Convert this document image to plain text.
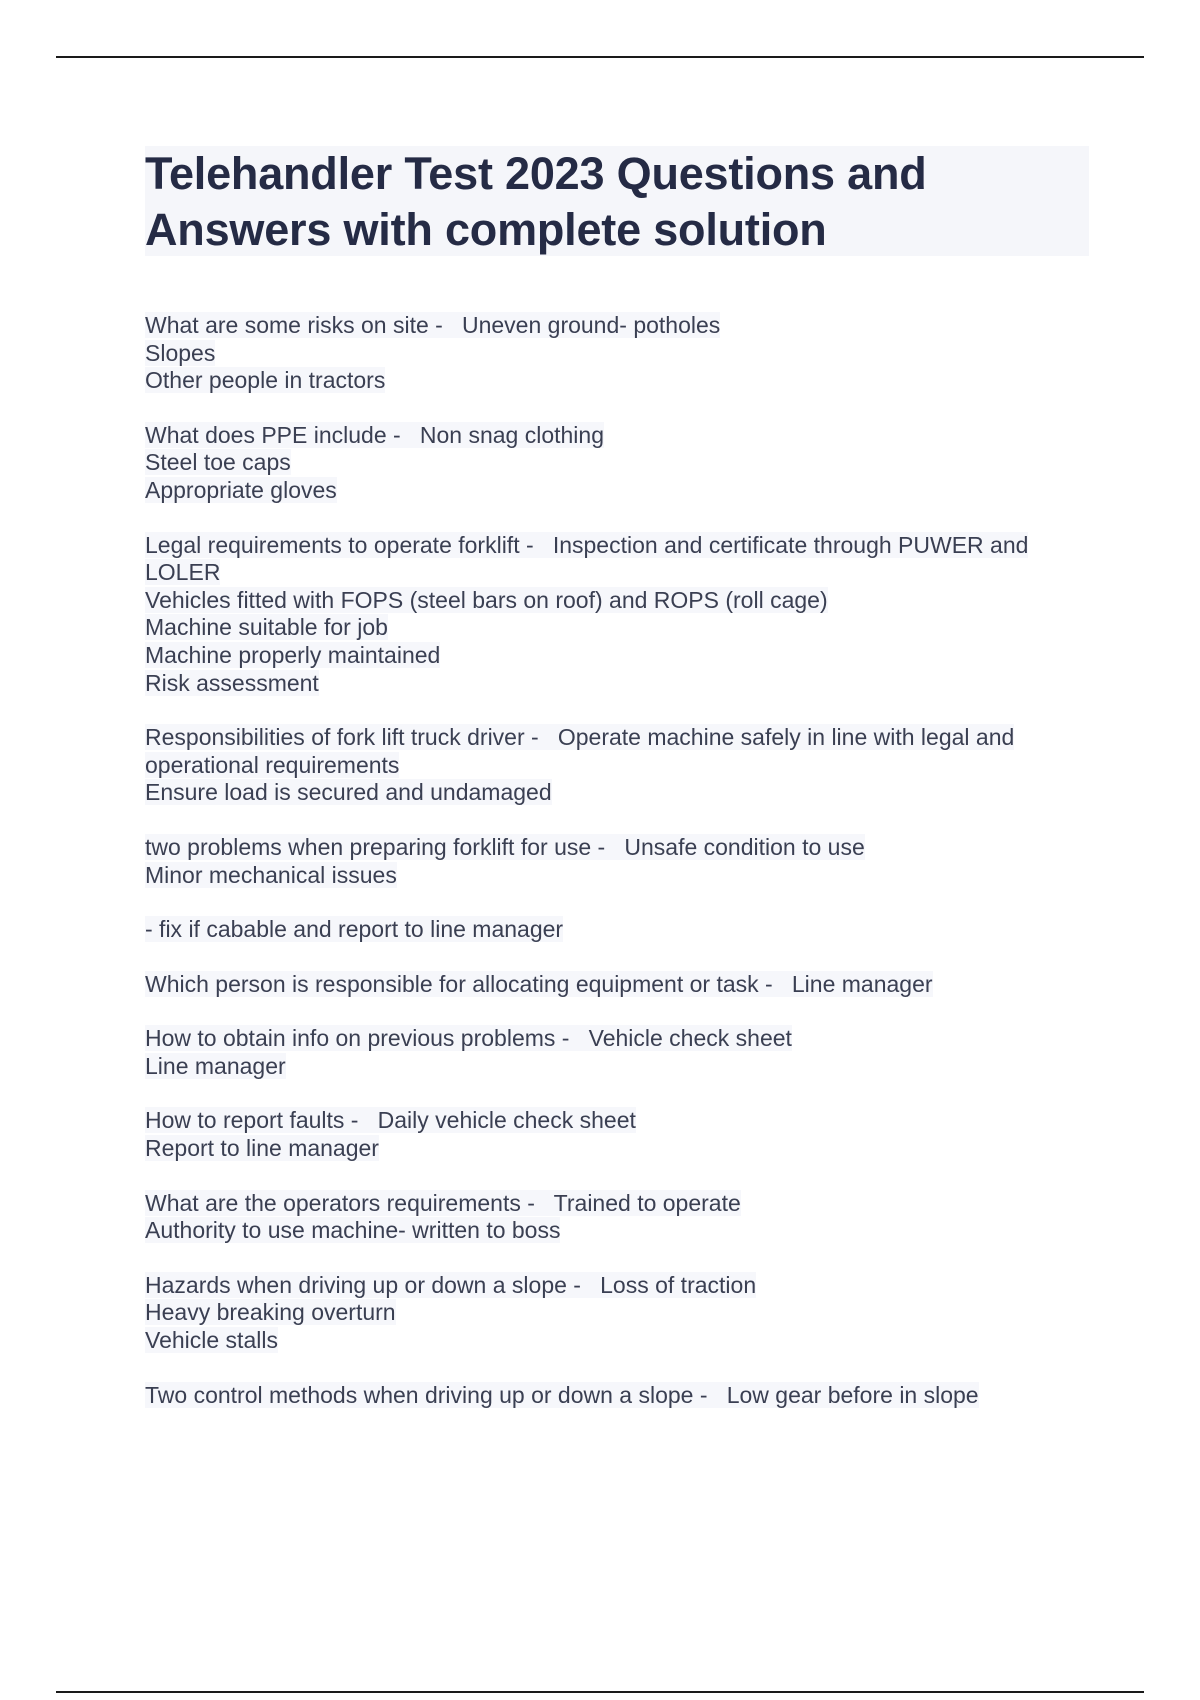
Telehandler Test 2023 Questions and Answers with complete solution
What are some risks on site - Uneven ground- potholes
Slopes
Other people in tractors
What does PPE include - Non snag clothing
Steel toe caps
Appropriate gloves
Legal requirements to operate forklift - Inspection and certificate through PUWER and
LOLER
Vehicles fitted with FOPS (steel bars on roof) and ROPS (roll cage)
Machine suitable for job
Machine properly maintained
Risk assessment
Responsibilities of fork lift truck driver - Operate machine safely in line with legal and
operational requirements
Ensure load is secured and undamaged
two problems when preparing forklift for use - Unsafe condition to use
Minor mechanical issues
- fix if cabable and report to line manager
Which person is responsible for allocating equipment or task - Line manager
How to obtain info on previous problems - Vehicle check sheet
Line manager
How to report faults - Daily vehicle check sheet
Report to line manager
What are the operators requirements - Trained to operate
Authority to use machine- written to boss
Hazards when driving up or down a slope - Loss of traction
Heavy breaking overturn
Vehicle stalls
Two control methods when driving up or down a slope - Low gear before in slope
